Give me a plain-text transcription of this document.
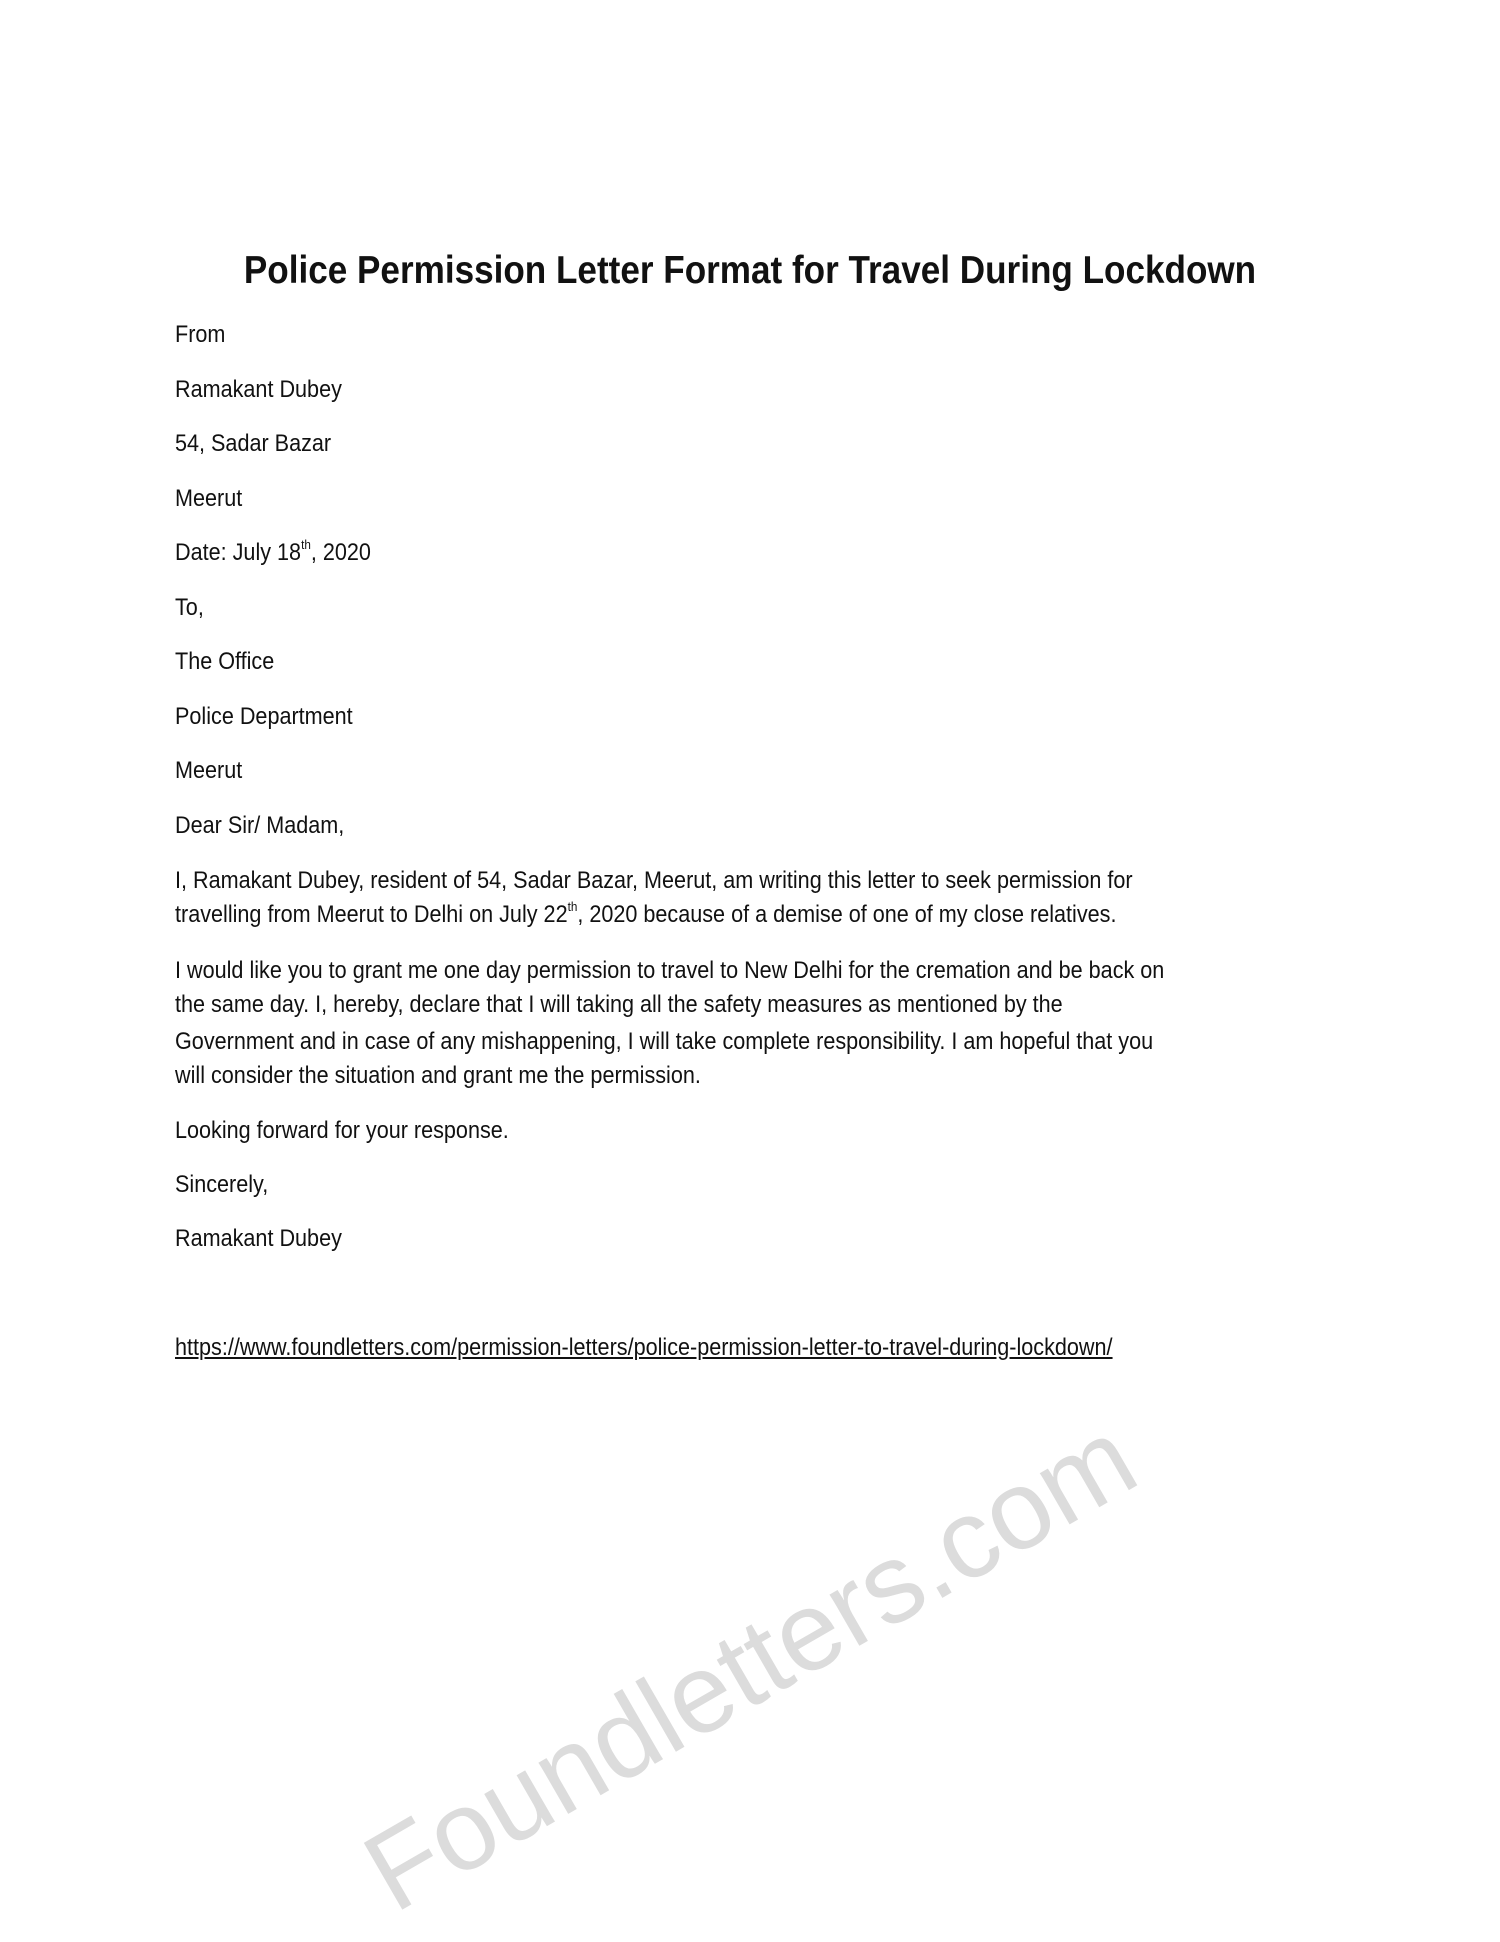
Foundletters.com
Police Permission Letter Format for Travel During Lockdown
From
Ramakant Dubey
54, Sadar Bazar
Meerut
Date: July 18th, 2020
To,
The Office
Police Department
Meerut
Dear Sir/ Madam,
I, Ramakant Dubey, resident of 54, Sadar Bazar, Meerut, am writing this letter to seek permission for
travelling from Meerut to Delhi on July 22th, 2020 because of a demise of one of my close relatives.
I would like you to grant me one day permission to travel to New Delhi for the cremation and be back on
the same day. I, hereby, declare that I will taking all the safety measures as mentioned by the
Government and in case of any mishappening, I will take complete responsibility. I am hopeful that you
will consider the situation and grant me the permission.
Looking forward for your response.
Sincerely,
Ramakant Dubey
https://www.foundletters.com/permission-letters/police-permission-letter-to-travel-during-lockdown/
